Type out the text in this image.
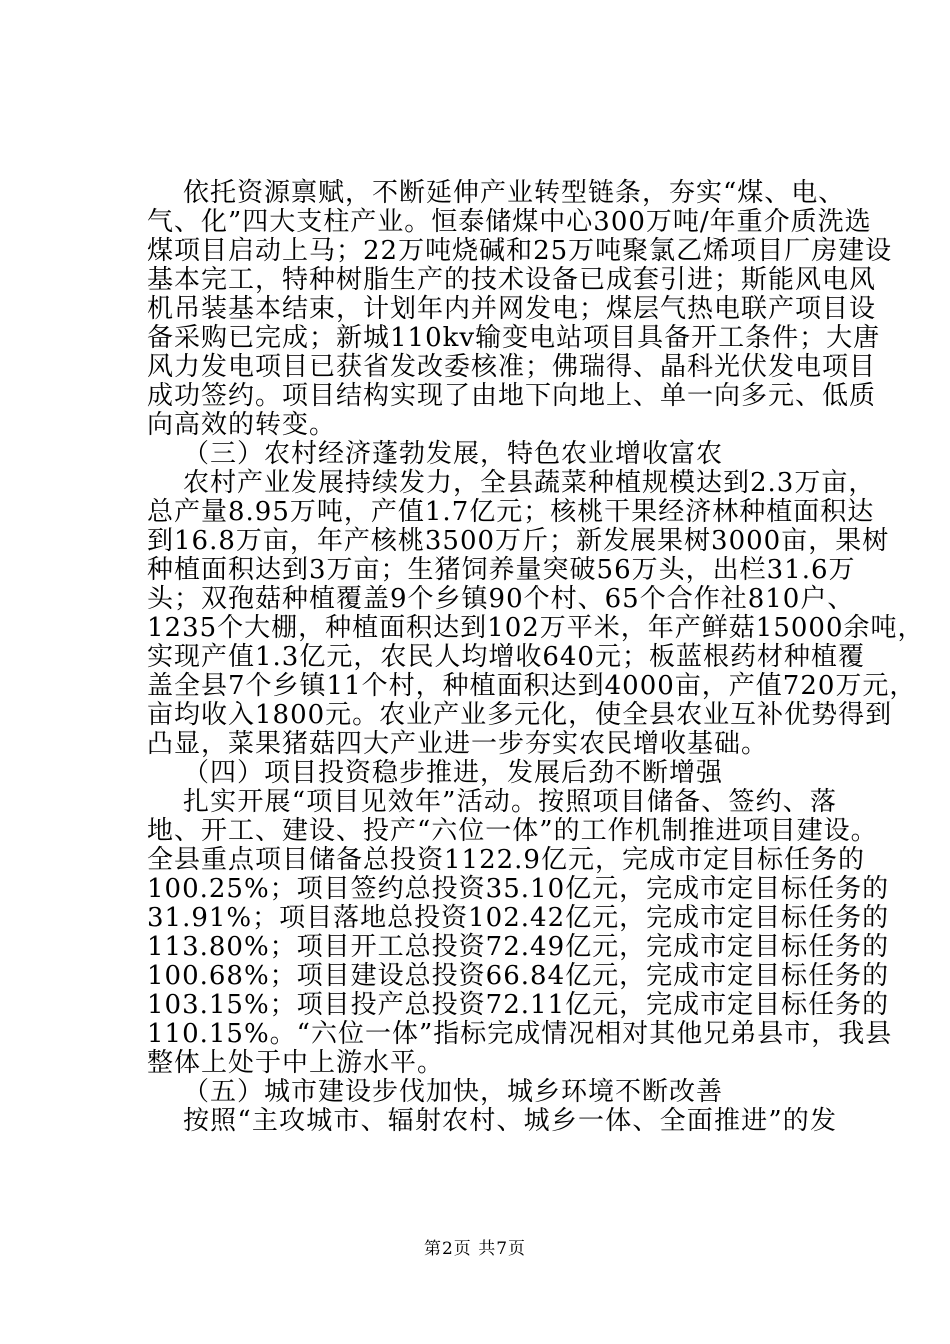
依托资源禀赋，不断延伸产业转型链条，夯实“煤、电、
气、化”四大支柱产业。恒泰储煤中心300万吨/年重介质洗选
煤项目启动上马；22万吨烧碱和25万吨聚氯乙烯项目厂房建设
基本完工，特种树脂生产的技术设备已成套引进；斯能风电风
机吊装基本结束，计划年内并网发电；煤层气热电联产项目设
备采购已完成；新城110kv输变电站项目具备开工条件；大唐
风力发电项目已获省发改委核准；佛瑞得、晶科光伏发电项目
成功签约。项目结构实现了由地下向地上、单一向多元、低质
向高效的转变。
（三）农村经济蓬勃发展，特色农业增收富农
农村产业发展持续发力，全县蔬菜种植规模达到2.3万亩，
总产量8.95万吨，产值1.7亿元；核桃干果经济林种植面积达
到16.8万亩，年产核桃3500万斤；新发展果树3000亩，果树
种植面积达到3万亩；生猪饲养量突破56万头，出栏31.6万
头；双孢菇种植覆盖9个乡镇90个村、65个合作社810户、
1235个大棚，种植面积达到102万平米，年产鲜菇15000余吨，
实现产值1.3亿元，农民人均增收640元；板蓝根药材种植覆
盖全县7个乡镇11个村，种植面积达到4000亩，产值720万元，
亩均收入1800元。农业产业多元化，使全县农业互补优势得到
凸显，菜果猪菇四大产业进一步夯实农民增收基础。
（四）项目投资稳步推进，发展后劲不断增强
扎实开展“项目见效年”活动。按照项目储备、签约、落
地、开工、建设、投产“六位一体”的工作机制推进项目建设。
全县重点项目储备总投资1122.9亿元，完成市定目标任务的
100.25%；项目签约总投资35.10亿元，完成市定目标任务的
31.91%；项目落地总投资102.42亿元，完成市定目标任务的
113.80%；项目开工总投资72.49亿元，完成市定目标任务的
100.68%；项目建设总投资66.84亿元，完成市定目标任务的
103.15%；项目投产总投资72.11亿元，完成市定目标任务的
110.15%。“六位一体”指标完成情况相对其他兄弟县市，我县
整体上处于中上游水平。
（五）城市建设步伐加快，城乡环境不断改善
按照“主攻城市、辐射农村、城乡一体、全面推进”的发
第2页 共7页
